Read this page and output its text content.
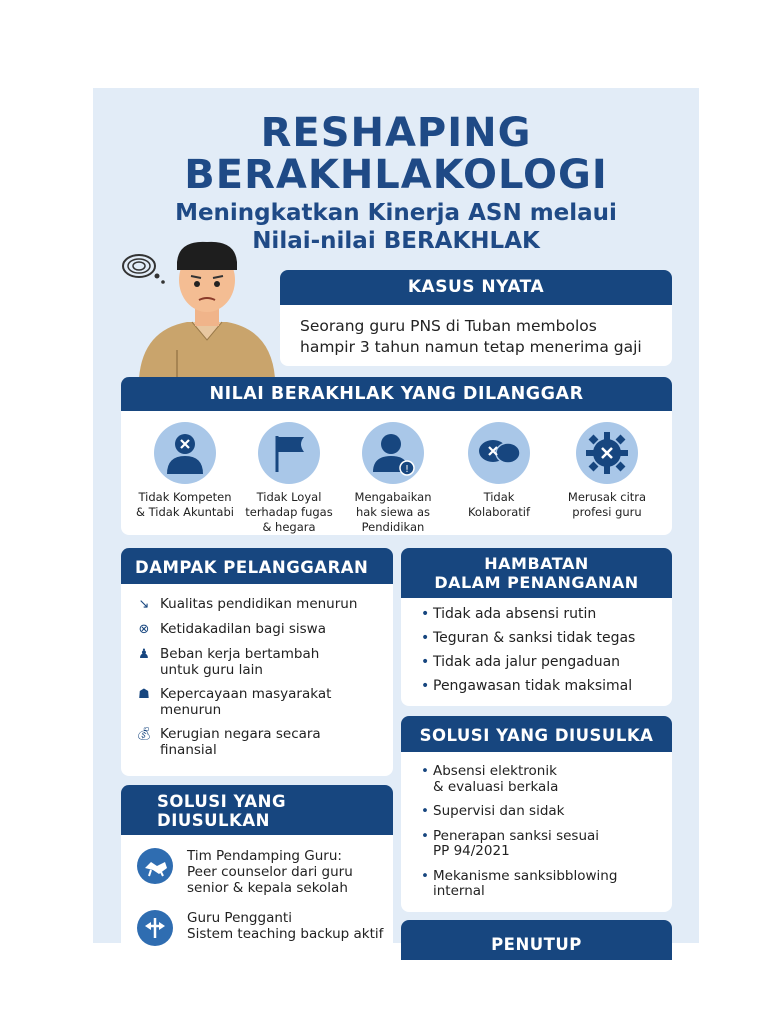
RESHAPING
BERAKHLAKOLOGI
Meningkatkan Kinerja ASN melaui
Nilai-nilai BERAKHLAK
KASUS NYATA
Seorang guru PNS di Tuban membolos
hampir 3 tahun namun tetap menerima gaji
NILAI BERAKHLAK YANG DILANGGAR
Tidak Kompeten
& Tidak Akuntabi
Tidak Loyal
terhadap fugas
& hegara
!
Mengabaikan
hak siewa as
Pendidikan
Tidak
Kolaboratif
Merusak citra
profesi guru
DAMPAK PELANGGARAN
↘ Kualitas pendidikan menurun
⊗ Ketidakadilan bagi siswa
♟ Beban kerja bertambah
untuk guru lain
☗ Kepercayaan masyarakat
menurun
💰︎ Kerugian negara secara
finansial
HAMBATAN
DALAM PENANGANAN
• Tidak ada absensi rutin
• Teguran & sanksi tidak tegas
• Tidak ada jalur pengaduan
• Pengawasan tidak maksimal
SOLUSI YANG DIUSULKA
• Absensi elektronik
& evaluasi berkala
• Supervisi dan sidak
• Penerapan sanksi sesuai
PP 94/2021
• Mekanisme sanksibblowing
internal
SOLUSI YANG
DIUSULKAN
Tim Pendamping Guru:
Peer counselor dari guru
senior & kepala sekolah
Guru Pengganti
Sistem teaching backup aktif
PENUTUP
